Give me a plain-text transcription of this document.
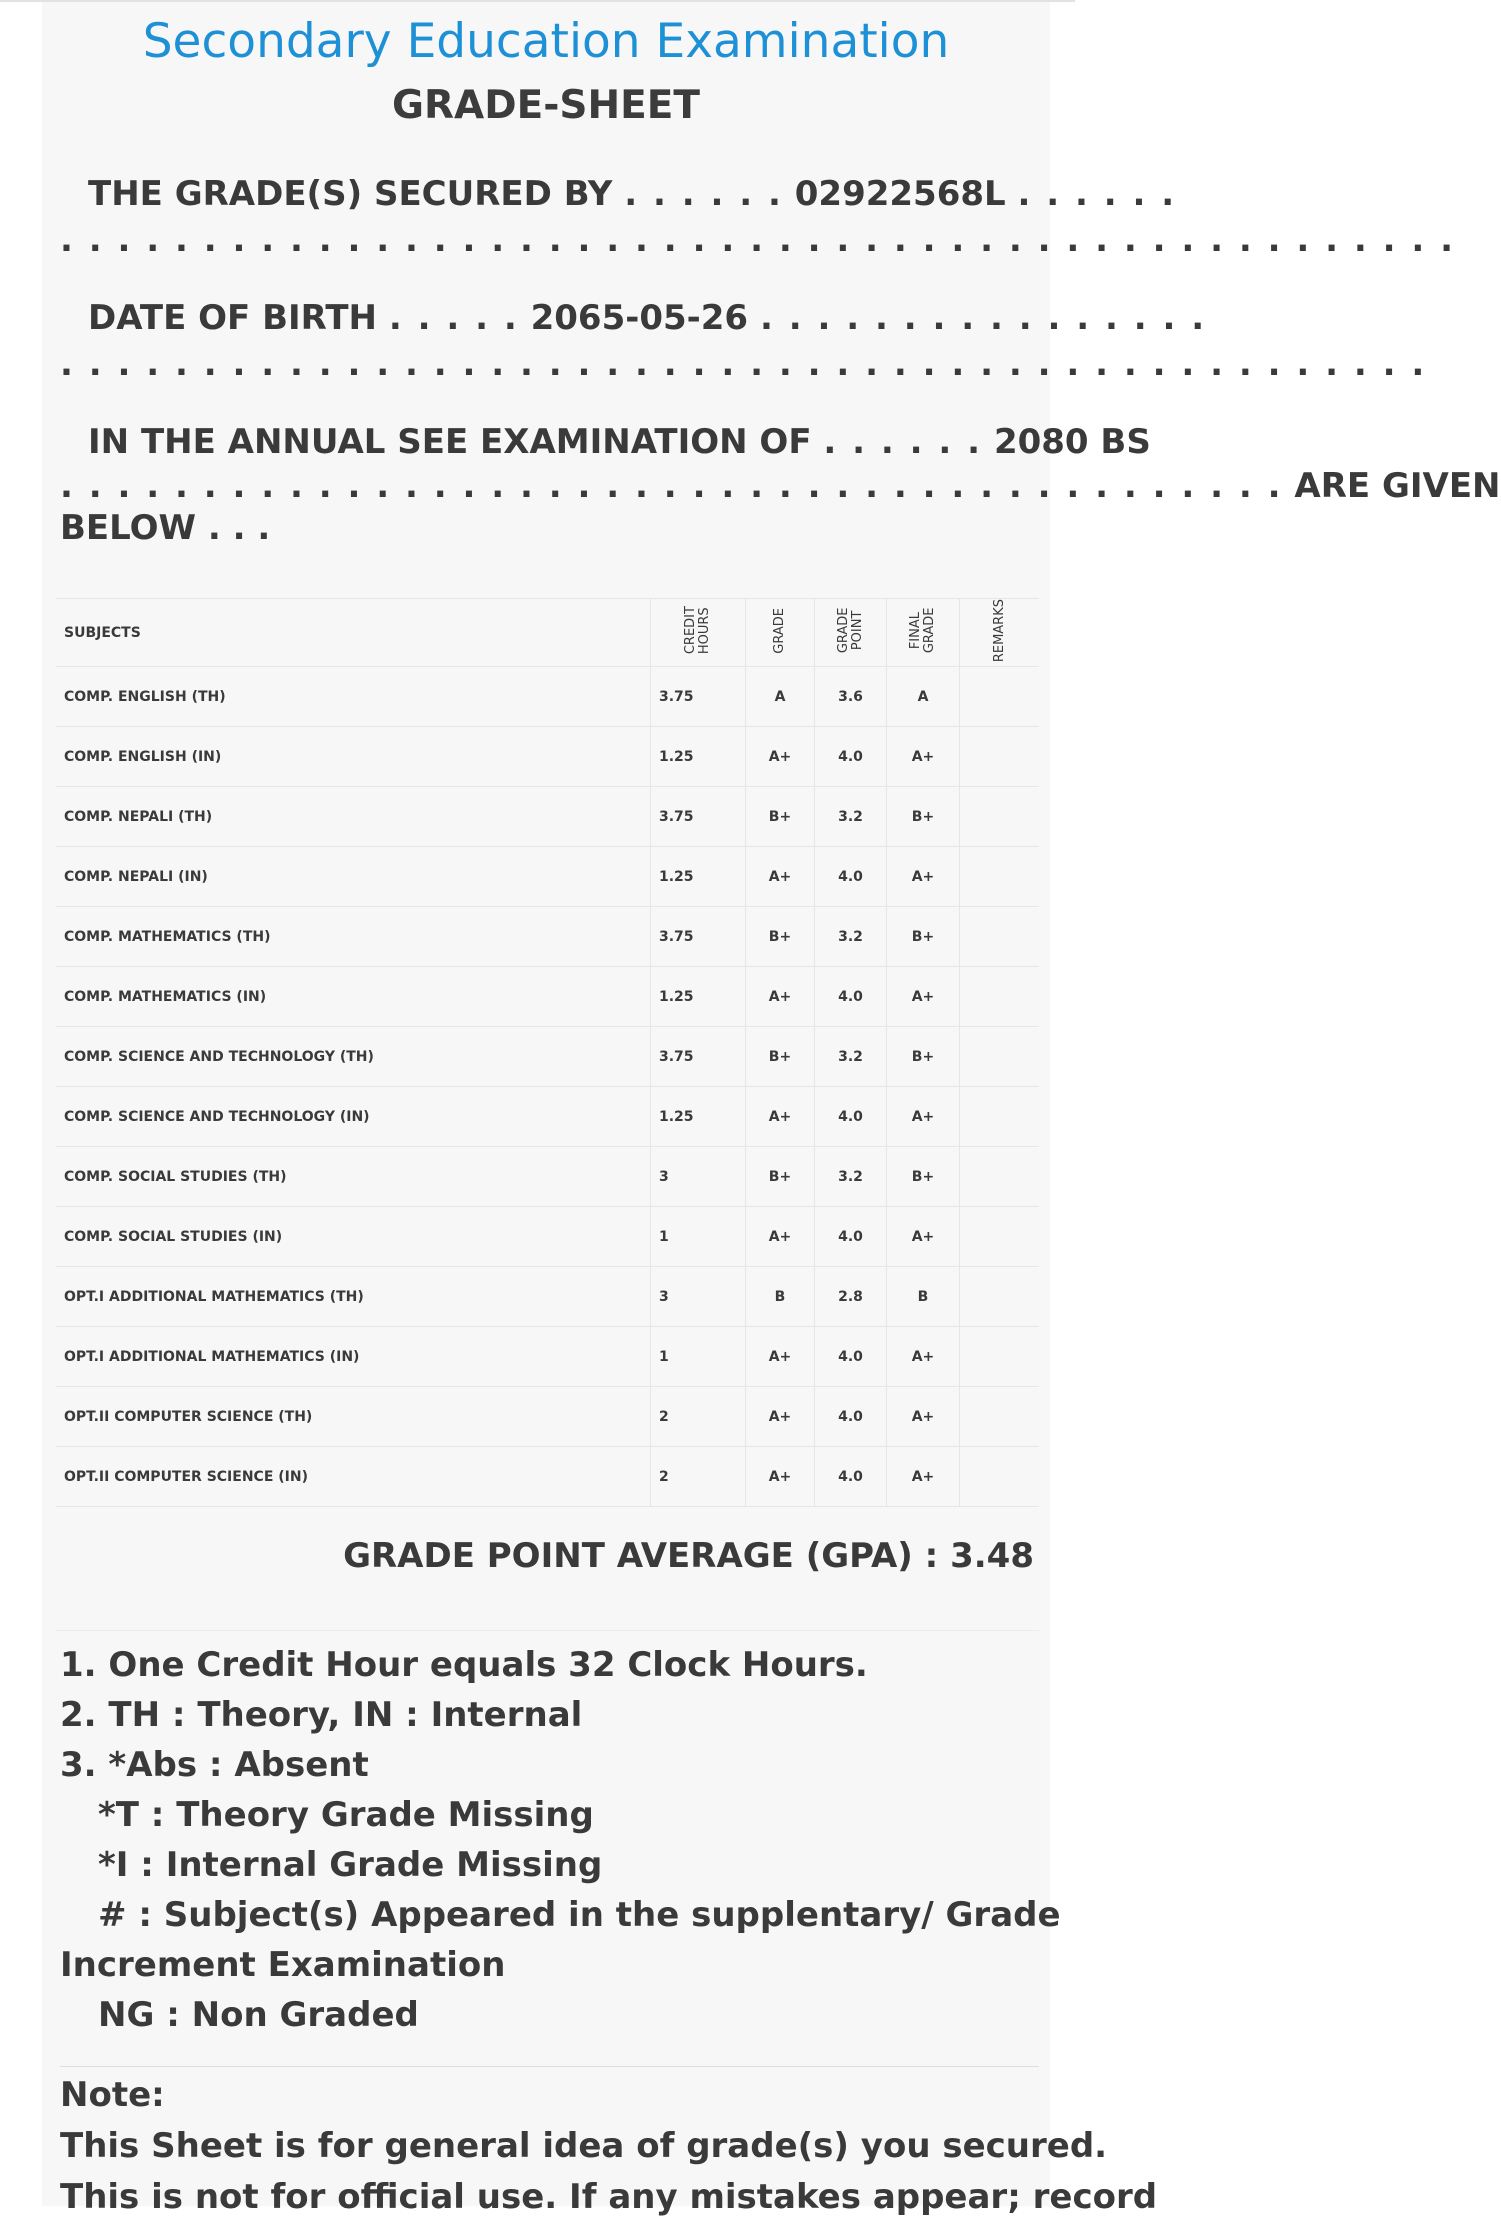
Secondary Education Examination
GRADE-SHEET
THE GRADE(S) SECURED BY . . . . . . 02922568L . . . . . .
. . . . . . . . . . . . . . . . . . . . . . . . . . . . . . . . . . . . . . . . . . . . . . . . .
DATE OF BIRTH . . . . . 2065-05-26 . . . . . . . . . . . . . . . .
. . . . . . . . . . . . . . . . . . . . . . . . . . . . . . . . . . . . . . . . . . . . . . . .
IN THE ANNUAL SEE EXAMINATION OF . . . . . . 2080 BS
. . . . . . . . . . . . . . . . . . . . . . . . . . . . . . . . . . . . . . . . . . . ARE GIVEN
BELOW . . .
SUBJECTS	CREDIT HOURS	GRADE	GRADE POINT	FINAL GRADE	REMARKS
COMP. ENGLISH (TH)	3.75	A	3.6	A	
COMP. ENGLISH (IN)	1.25	A+	4.0	A+	
COMP. NEPALI (TH)	3.75	B+	3.2	B+	
COMP. NEPALI (IN)	1.25	A+	4.0	A+	
COMP. MATHEMATICS (TH)	3.75	B+	3.2	B+	
COMP. MATHEMATICS (IN)	1.25	A+	4.0	A+	
COMP. SCIENCE AND TECHNOLOGY (TH)	3.75	B+	3.2	B+	
COMP. SCIENCE AND TECHNOLOGY (IN)	1.25	A+	4.0	A+	
COMP. SOCIAL STUDIES (TH)	3	B+	3.2	B+	
COMP. SOCIAL STUDIES (IN)	1	A+	4.0	A+	
OPT.I ADDITIONAL MATHEMATICS (TH)	3	B	2.8	B	
OPT.I ADDITIONAL MATHEMATICS (IN)	1	A+	4.0	A+	
OPT.II COMPUTER SCIENCE (TH)	2	A+	4.0	A+	
OPT.II COMPUTER SCIENCE (IN)	2	A+	4.0	A+	
GRADE POINT AVERAGE (GPA) : 3.48
1. One Credit Hour equals 32 Clock Hours.
2. TH : Theory, IN : Internal
3. *Abs : Absent
*T : Theory Grade Missing
*I : Internal Grade Missing
# : Subject(s) Appeared in the supplentary/ Grade
Increment Examination
NG : Non Graded
Note:
This Sheet is for general idea of grade(s) you secured.
This is not for official use. If any mistakes appear; record
